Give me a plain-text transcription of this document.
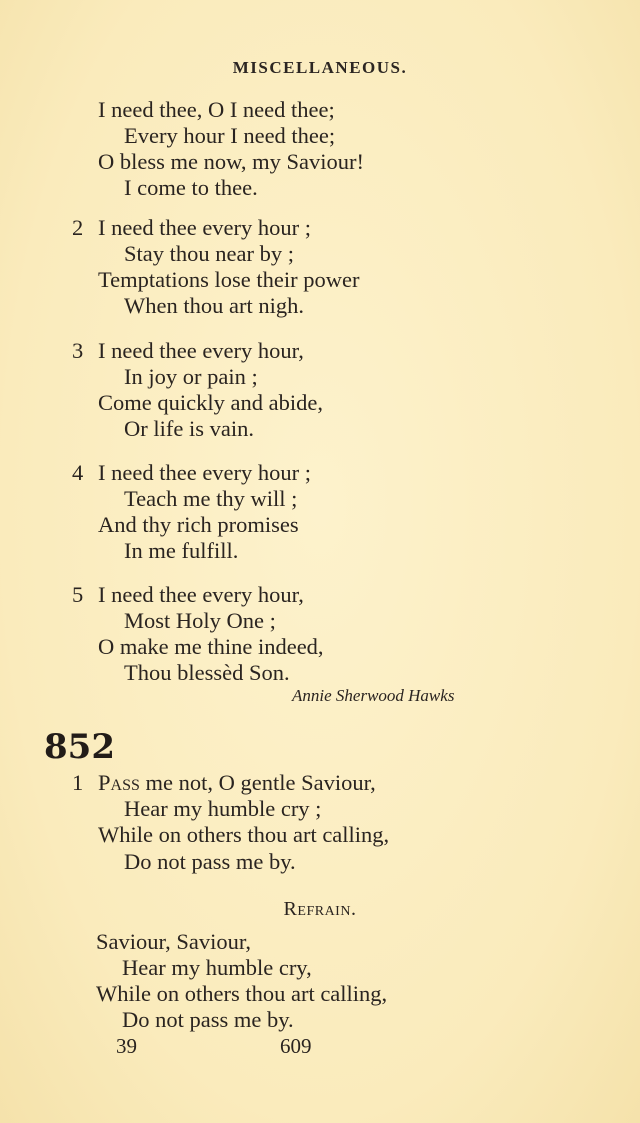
MISCELLANEOUS.
I need thee, O I need thee;
Every hour I need thee;
O bless me now, my Saviour!
I come to thee.
2 I need thee every hour ;
Stay thou near by ;
Temptations lose their power
When thou art nigh.
3 I need thee every hour,
In joy or pain ;
Come quickly and abide,
Or life is vain.
4 I need thee every hour ;
Teach me thy will ;
And thy rich promises
In me fulfill.
5 I need thee every hour,
Most Holy One ;
O make me thine indeed,
Thou blessèd Son.
Annie Sherwood Hawks
852
1 Pass me not, O gentle Saviour,
Hear my humble cry ;
While on others thou art calling,
Do not pass me by.
Refrain.
Saviour, Saviour,
Hear my humble cry,
While on others thou art calling,
Do not pass me by.
39	609
